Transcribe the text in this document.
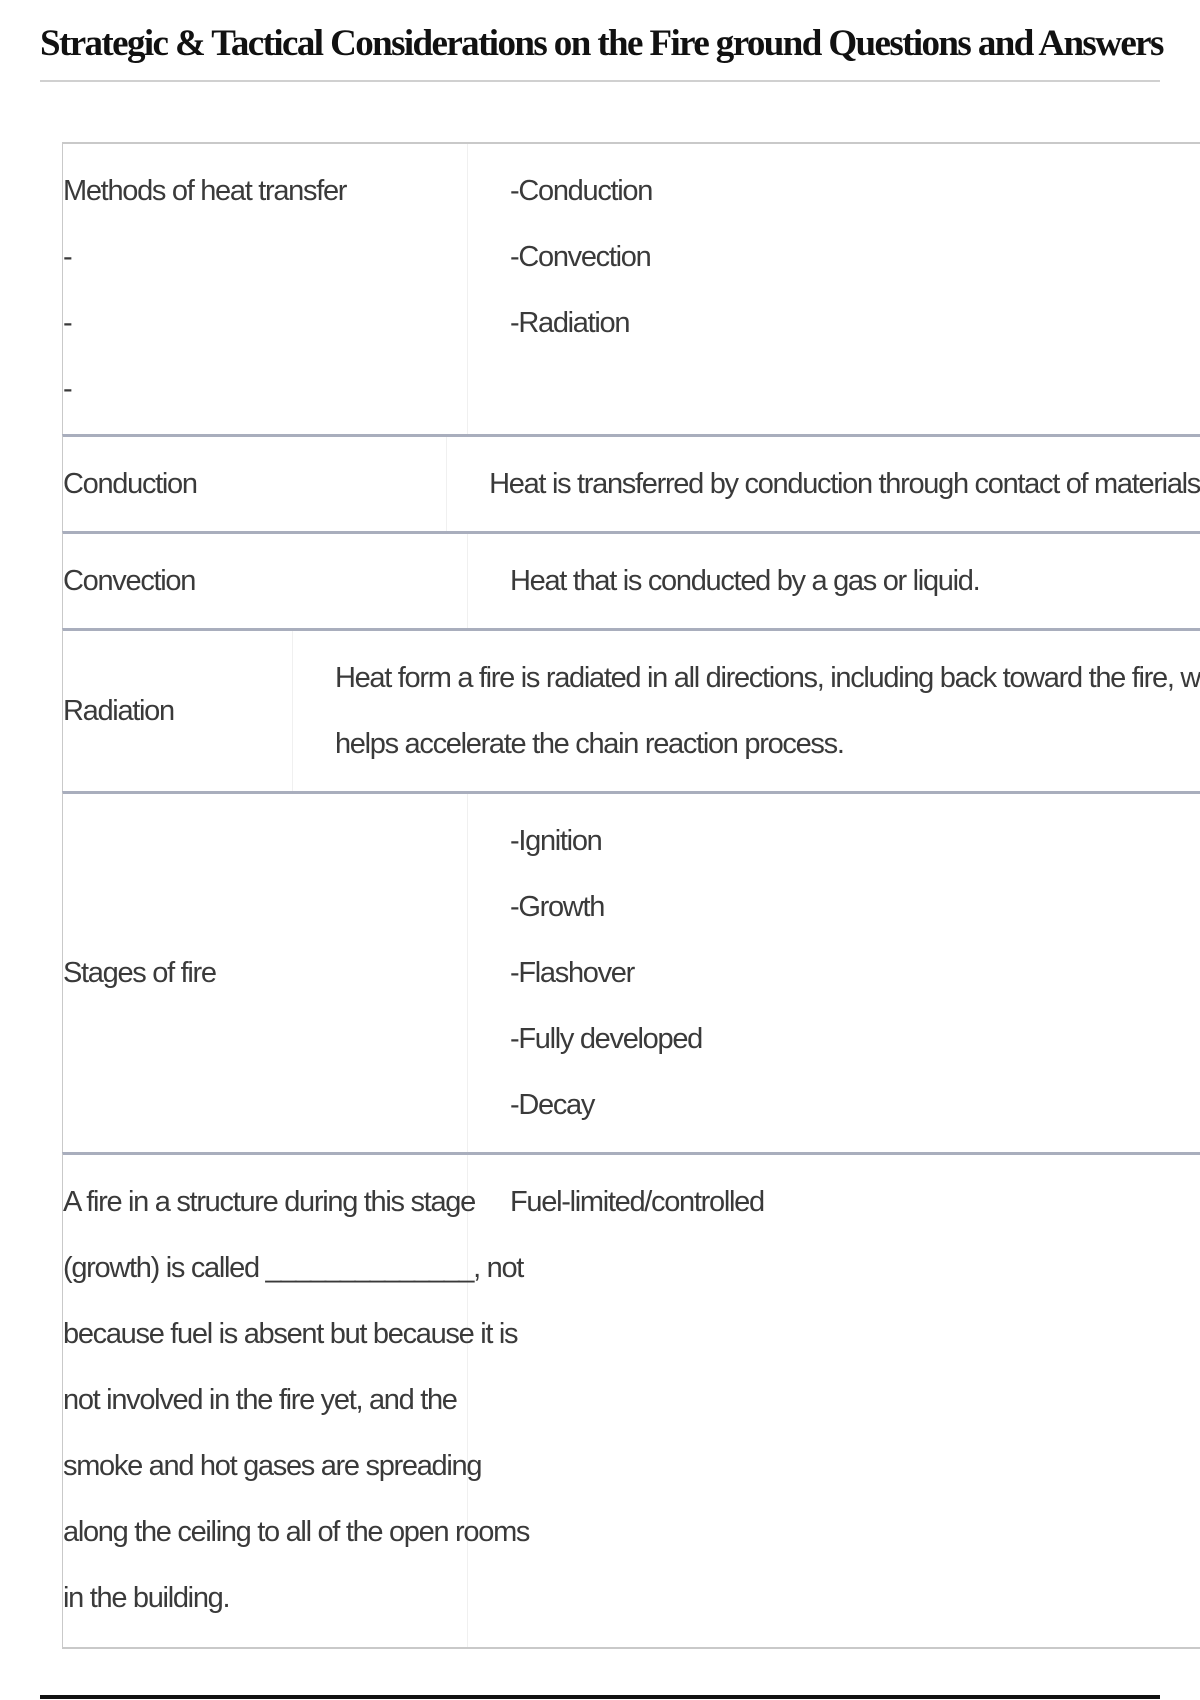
Strategic & Tactical Considerations on the Fire ground Questions and Answers
Methods of heat transfer
-
-
-
-Conduction
-Convection
-Radiation
Conduction	Heat is transferred by conduction through contact of materials
Convection	Heat that is conducted by a gas or liquid.
Radiation
Heat form a fire is radiated in all directions, including back toward the fire, w
helps accelerate the chain reaction process.
Stages of fire
-Ignition
-Growth
-Flashover
-Fully developed
-Decay
A fire in a structure during this stage
(growth) is called ______________, not
because fuel is absent but because it is
not involved in the fire yet, and the
smoke and hot gases are spreading
along the ceiling to all of the open rooms
in the building.
Fuel-limited/controlled
